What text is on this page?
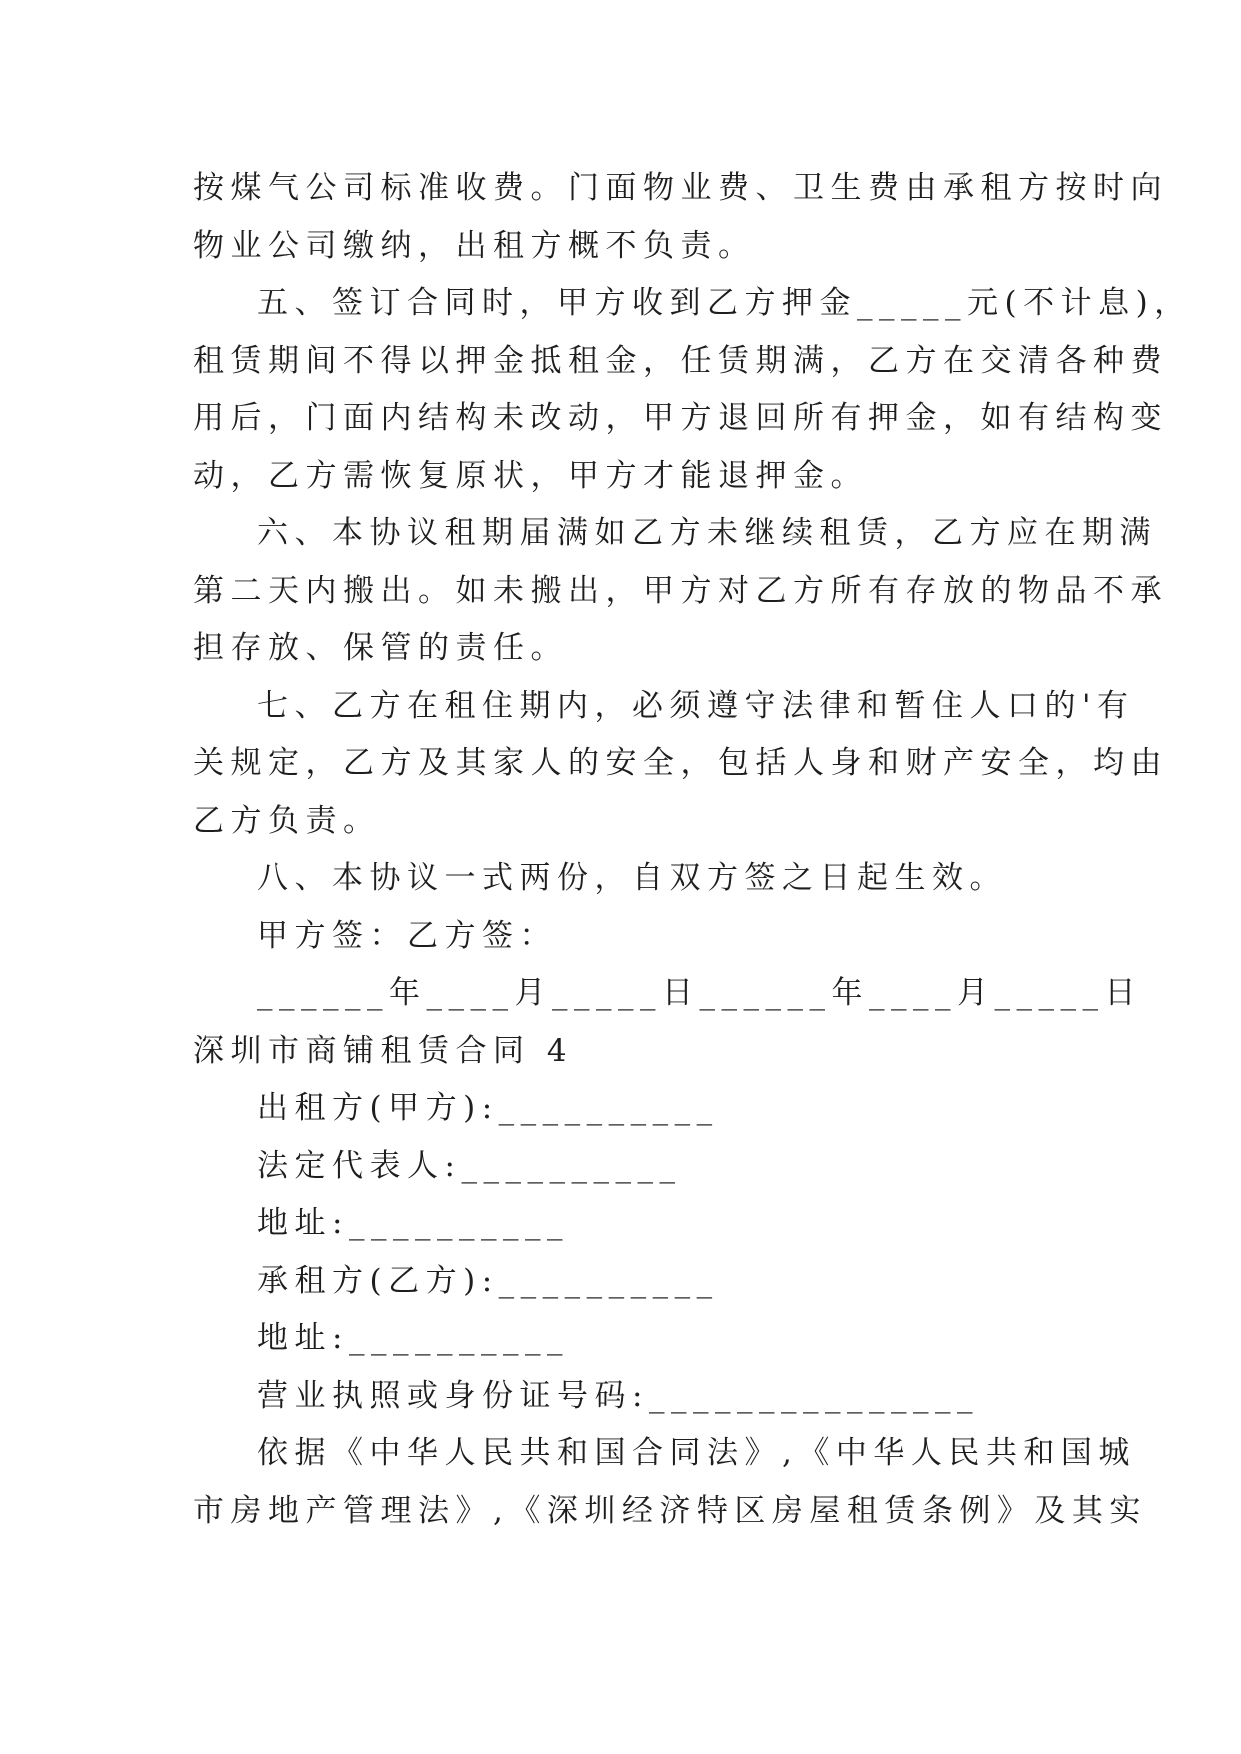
按煤气公司标准收费。门面物业费、卫生费由承租方按时向
物业公司缴纳，出租方概不负责。
五、签订合同时，甲方收到乙方押金_____元(不计息)，
租赁期间不得以押金抵租金，任赁期满，乙方在交清各种费
用后，门面内结构未改动，甲方退回所有押金，如有结构变
动，乙方需恢复原状，甲方才能退押金。
六、本协议租期届满如乙方未继续租赁，乙方应在期满
第二天内搬出。如未搬出，甲方对乙方所有存放的物品不承
担存放、保管的责任。
七、乙方在租住期内，必须遵守法律和暂住人口的'有
关规定，乙方及其家人的安全，包括人身和财产安全，均由
乙方负责。
八、本协议一式两份，自双方签之日起生效。
甲方签：乙方签：
______年____月_____日______年____月_____日
深圳市商铺租赁合同 4
出租方(甲方):__________
法定代表人:__________
地址:__________
承租方(乙方):__________
地址:__________
营业执照或身份证号码:_______________
依据《中华人民共和国合同法》,《中华人民共和国城
市房地产管理法》,《深圳经济特区房屋租赁条例》及其实
